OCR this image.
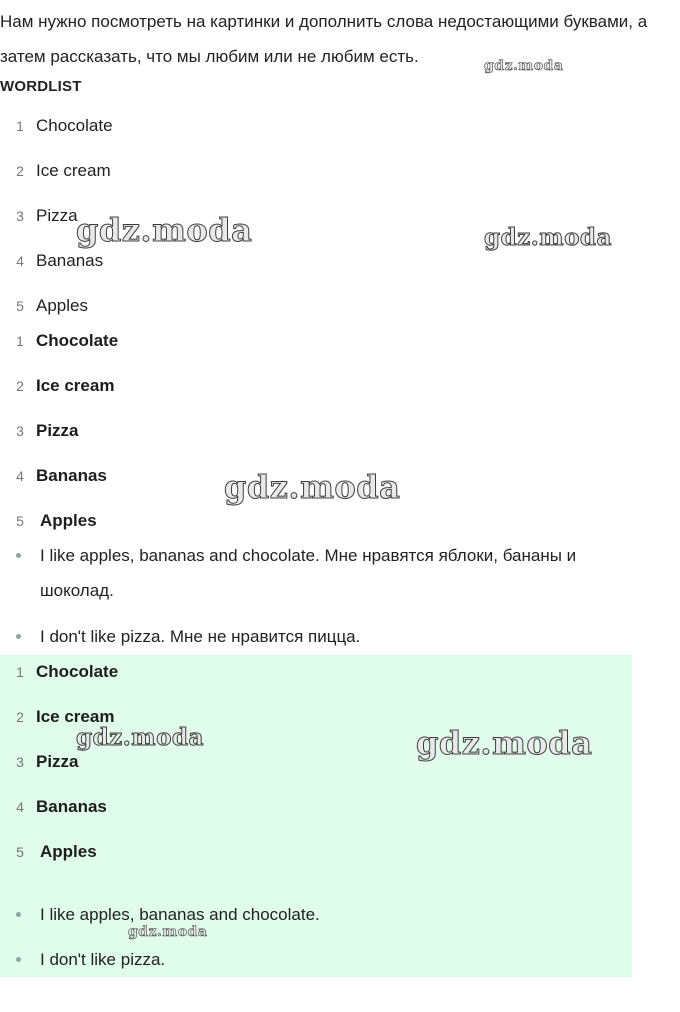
Нам нужно посмотреть на картинки и дополнить слова недостающими буквами, а затем рассказать, что мы любим или не любим есть.
WORDLIST
1 Chocolate
2 Ice cream
3 Pizza
4 Bananas
5 Apples
1 Chocolate
2 Ice cream
3 Pizza
4 Bananas
5 Apples
I like apples, bananas and chocolate. Мне нравятся яблоки, бананы и шоколад.
I don't like pizza. Мне не нравится пицца.
1 Chocolate
2 Ice cream
3 Pizza
4 Bananas
5 Apples
I like apples, bananas and chocolate.
I don't like pizza.
gdz.moda
gdz.moda	gdz.moda
gdz.moda
gdz.moda	gdz.moda
gdz.moda
